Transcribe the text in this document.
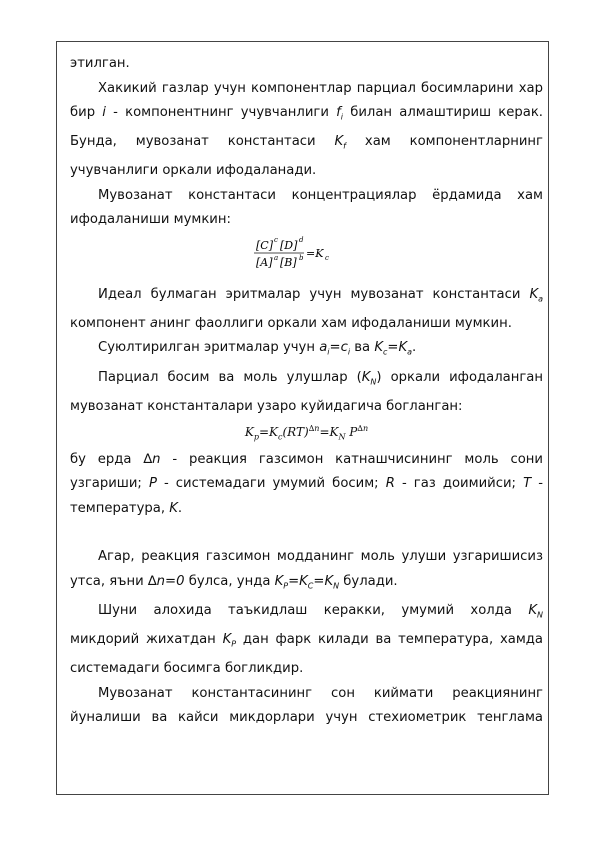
этилган.

Хакикий газлар учун компонентлар парциал босимларини хар бир i - компонентнинг учувчанлиги $f_i$ билан алмаштириш керак. Бунда, мувозанат константаси $K_f$ хам компонентларнинг учувчанлиги оркали ифодаланади.

Мувозанат константаси концентрациялар ёрдамида хам ифодаланиши мумкин:

[C] c [D] d
[A] a [B] b =K c

Идеал булмаган эритмалар учун мувозанат константаси $K_a$ компонент aнинг фаоллиги оркали хам ифодаланиши мумкин.

Суюлтирилган эритмалар учун $a_i=c_i$ ва $K_c=K_a$.

Парциал босим ва моль улушлар $(K_N)$ оркали ифодаланган мувозанат константалари узаро куйидагича богланган:

$K_p=K_c(RT)^{\Delta n}=K_N$ $P^{\Delta n}$

бу ерда ∆n - реакция газсимон катнашчисининг моль сони узгариши; P - системадаги умумий босим; R - газ доимийси; T - температура, K.

Агар, реакция газсимон модданинг моль улуши узгаришисиз утса, яъни ∆n=0 булса, унда $K_P=K_C=K_N$ булади.

Шуни алохида таъкидлаш керакки, умумий холда $K_N$ микдорий жихатдан $K_P$ дан фарк килади ва температура, хамда системадаги босимга богликдир.

Мувозанат константасининг сон киймати реакциянинг йуналиши ва кайси микдорлари учун стехиометрик тенглама
